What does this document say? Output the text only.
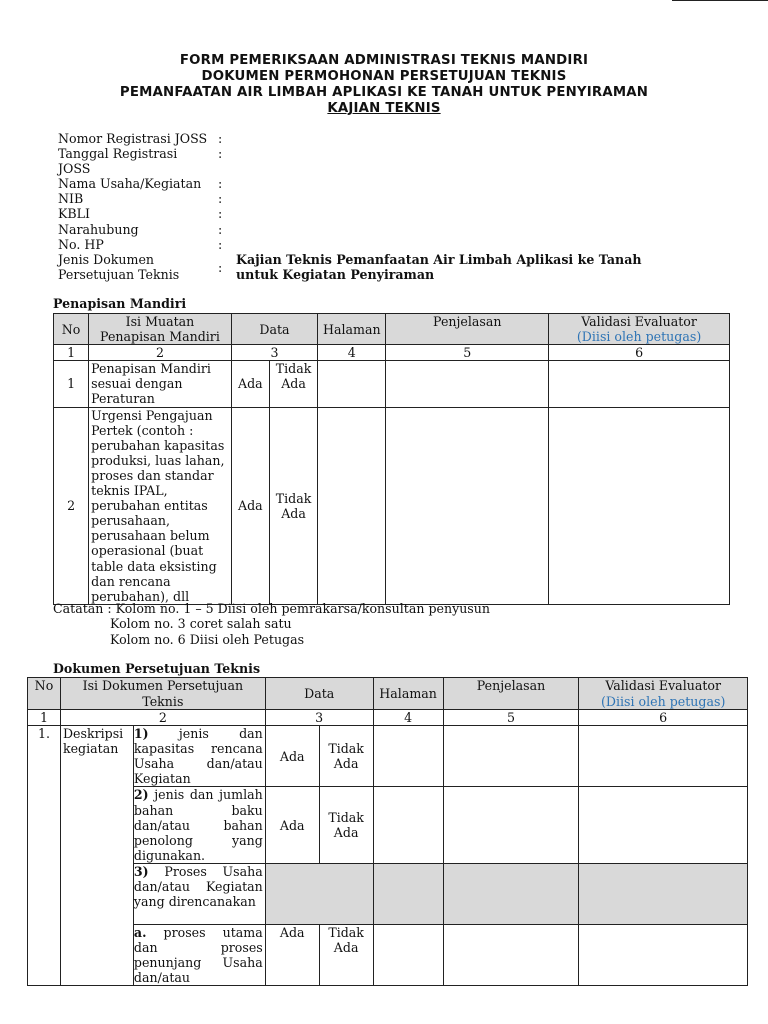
FORM PEMERIKSAAN ADMINISTRASI TEKNIS MANDIRI
DOKUMEN PERMOHONAN PERSETUJUAN TEKNIS
PEMANFAATAN AIR LIMBAH APLIKASI KE TANAH UNTUK PENYIRAMAN
KAJIAN TEKNIS
Nomor Registrasi JOSS :
Tanggal Registrasi	:
JOSS
Nama Usaha/Kegiatan	:
NIB	:
KBLI	:
Narahubung	:
No. HP	:
Jenis Dokumen
Persetujuan Teknis	:
Kajian Teknis Pemanfaatan Air Limbah Aplikasi ke Tanah untuk Kegiatan Penyiraman
Penapisan Mandiri
No	Isi Muatan Penapisan Mandiri	Data		Halaman	Penjelasan	Validasi Evaluator
(Diisi oleh petugas)
1	2	3		4	5	6
1	Penapisan Mandiri sesuai dengan Peraturan	Ada	Tidak Ada			
2	Urgensi Pengajuan Pertek (contoh : perubahan kapasitas produksi, luas lahan, proses dan standar teknis IPAL, perubahan entitas perusahaan, perusahaan belum operasional (buat table data eksisting dan rencana perubahan), dll	Ada	Tidak Ada			
Catatan : Kolom no. 1 – 5 Diisi oleh pemrakarsa/konsultan penyusun
Kolom no. 3 coret salah satu
Kolom no. 6 Diisi oleh Petugas
Dokumen Persetujuan Teknis
No	Isi Dokumen Persetujuan Teknis		Data		Halaman	Penjelasan	Validasi Evaluator
(Diisi oleh petugas)
1	2		3		4	5	6
1.	Deskripsi kegiatan	1) jenis dan kapasitas rencana Usaha dan/atau Kegiatan	Ada	Tidak Ada			
		2) jenis dan jumlah bahan baku dan/atau bahan penolong yang digunakan.	Ada	Tidak Ada			
		3) Proses Usaha dan/atau Kegiatan yang direncanakan					
		a. proses utama dan proses penunjang Usaha dan/atau	Ada	Tidak Ada			
